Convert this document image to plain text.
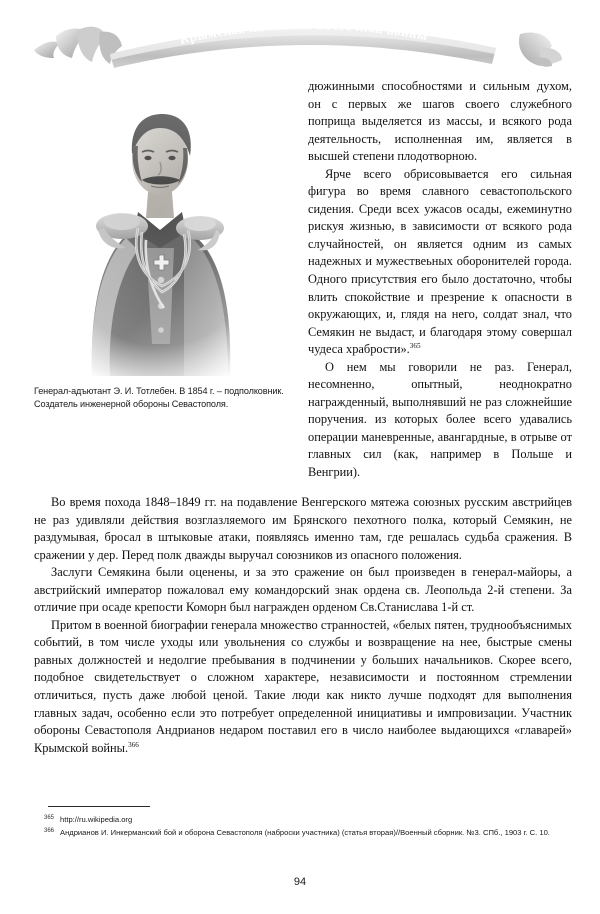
Крымская кампания Восточной войны
Генерал-адъютант Э. И. Тотлебен. В 1854 г. – подполковник. Создатель инженерной обороны Севастополя.

дюжинными способностями и сильным духом, он с первых же шагов своего служебного поприща выделяется из массы, и всякого рода деятельность, исполненная им, является в высшей степени плодотворною.

Ярче всего обрисовывается его сильная фигура во время славного севастопольского сидения. Среди всех ужасов осады, ежеминутно рискуя жизнью, в зависимости от всякого рода случайностей, он является одним из самых надежных и мужествеьных оборонителей города. Одного присутствия его было достаточно, чтобы влить спокойствие и презрение к опасности в окружающих, и, глядя на него, солдат знал, что Семякин не выдаст, и благодаря этому совершал чудеса храбрости».$^{365}$

О нем мы говорили не раз. Генерал, несомненно, опытный, неоднократно награжденный, выполнявший не раз сложнейшие поручения. из которых более всего удавались операции маневренные, авангардные, в отрыве от главных сил (как, например в Польше и Венгрии).

Во время похода 1848–1849 гг. на подавление Венгерского мятежа союзных русским австрийцев не раз удивляли действия возглазляемого им Брянского пехотного полка, который Семякин, не раздумывая, бросал в штыковые атаки, появляясь именно там, где решалась судьба сражения. В сражении у дер. Перед полк дважды выручал союзников из опасного положения.

Заслуги Семякина были оценены, и за это сражение он был произведен в генерал-майоры, а австрийский император пожаловал ему командорский знак ордена св. Леопольда 2-й степени. За отличие при осаде крепости Коморн был награжден орденом Св.Станислава 1-й ст.

Притом в военной биографии генерала множество странностей, «белых пятен, труднообъяснимых событий, в том числе уходы или увольнения со службы и возвращение на нее, быстрые смены равных должностей и недолгие пребывания в подчинении у больших начальников. Скорее всего, подобное свидетельствует о сложном характере, независимости и постоянном стремлении отличиться, пусть даже любой ценой. Такие люди как никто лучше подходят для выполнения главных задач, особенно если это потребует определенной инициативы и импровизации. Участник обороны Севастополя Андрианов недаром поставил его в число наиболее выдающихся «главарей» Крымской войны.$^{366}$

365 http://ru.wikipedia.org
366 Андрианов И. Инкерманский бой и оборона Севастополя (наброски участника) (статья вторая)//Военный сборник. №3. СПб., 1903 г. С. 10.
94
